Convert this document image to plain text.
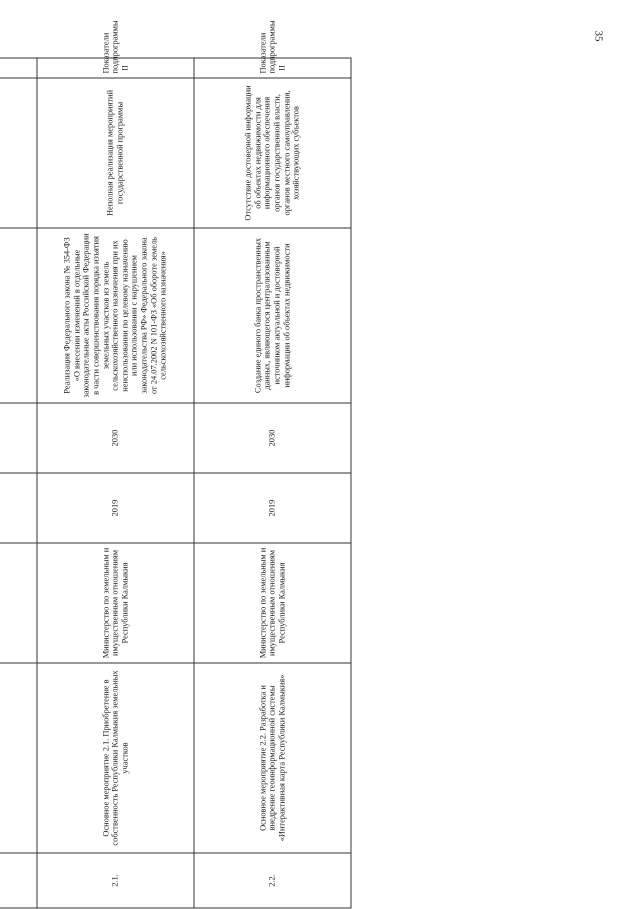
35

2.1.	Основное мероприятие 2.1. Приобретение в собственность Республики Калмыкия земельных участков	Министерство по земельным и имущественным отношениям Республики Калмыкия	2019	2030	Реализация Федерального закона № 354-ФЗ «О внесении изменений в отдельные законодательные акты Российской Федерации в части совершенствования порядка изъятия земельных участков из земель сельскохозяйственного назначения при их неиспользовании по целевому назначению или использовании с нарушением законодательства РФ» Федерального закона от 24.07.2002 N 101-ФЗ «Об обороте земель сельскохозяйственного назначения»	Неполная реализация мероприятий государственной программы	Показатели подпрограммы II
2.2.	Основное мероприятие 2.2. Разработка и внедрение геоинформационной системы «Интерактивная карта Республики Калмыкия»	Министерство по земельным и имущественным отношениям Республики Калмыкия	2019	2030	Создание единого банка пространственных данных, являющегося централизованным источником актуальной и достоверной информации об объектах недвижимости	Отсутствие достоверной информации об объектах недвижимости для информационного обеспечения органов государственной власти, органов местного самоуправления, хозяйствующих субъектов	Показатели подпрограммы II
